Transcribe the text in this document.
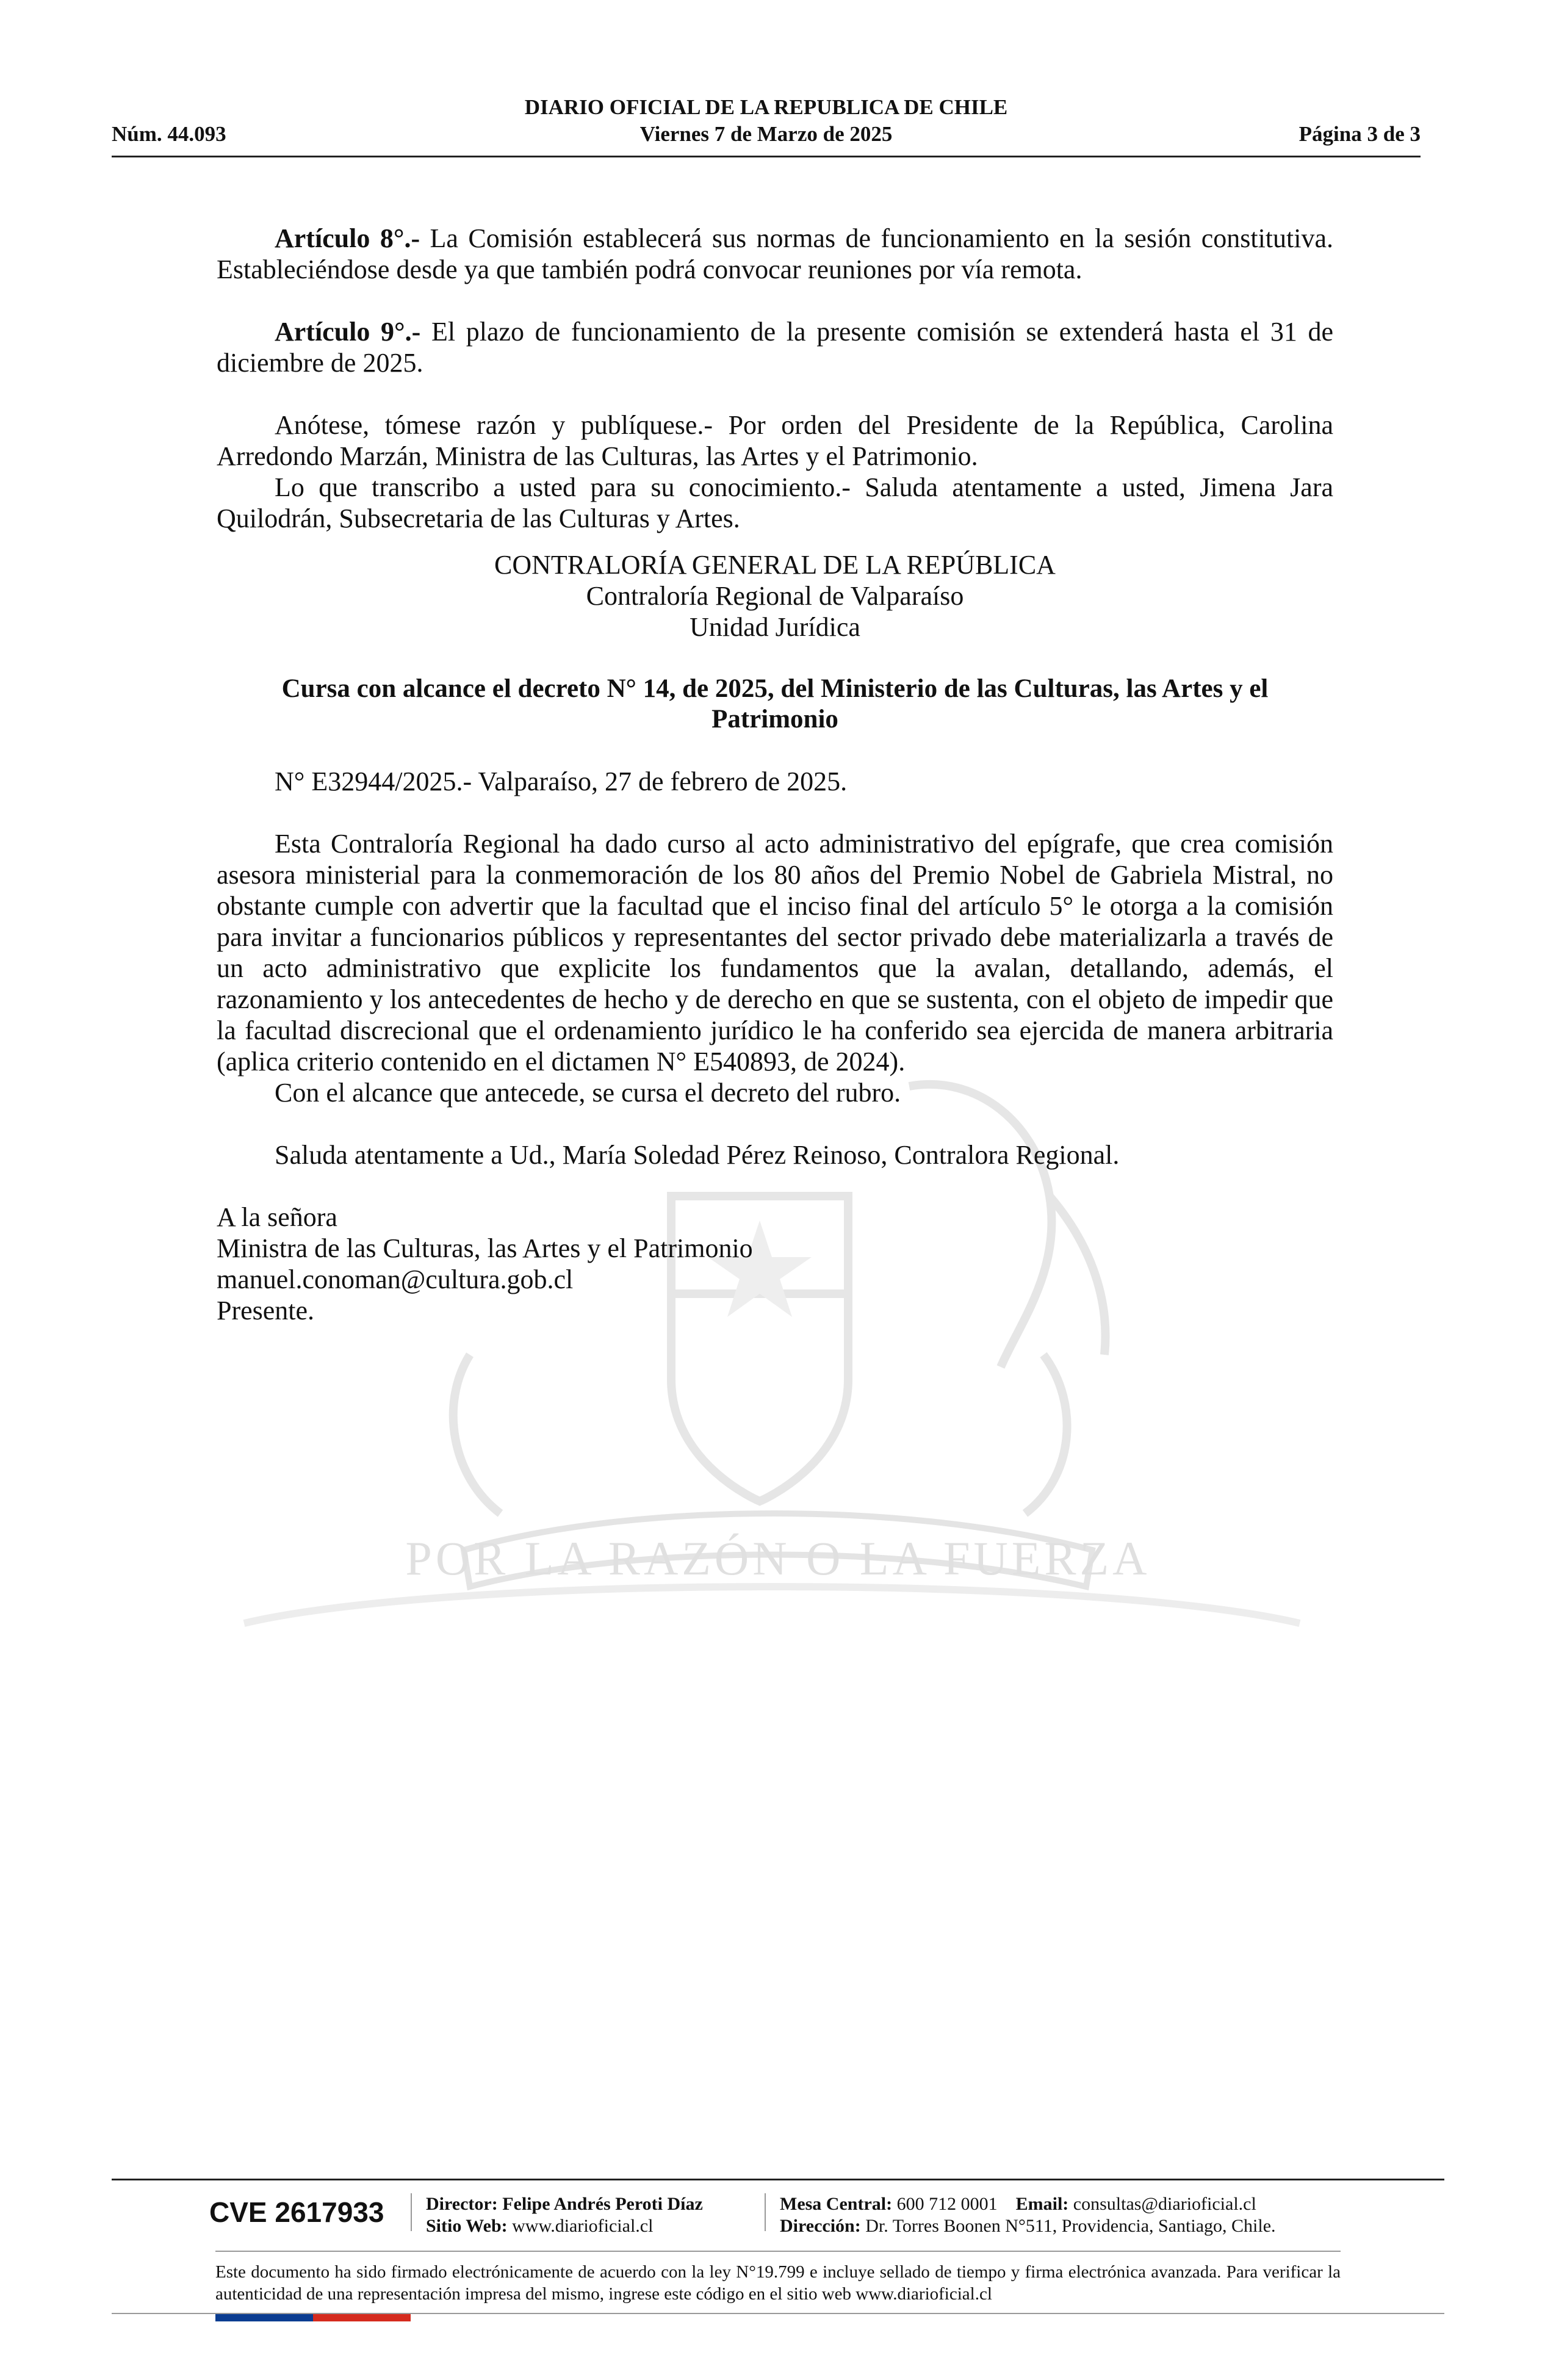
DIARIO OFICIAL DE LA REPUBLICA DE CHILE
Núm. 44.093	Viernes 7 de Marzo de 2025	Página 3 de 3
POR LA RAZÓN O LA FUERZA

Artículo 8°.- La Comisión establecerá sus normas de funcionamiento en la sesión constitutiva. Estableciéndose desde ya que también podrá convocar reuniones por vía remota.

Artículo 9°.- El plazo de funcionamiento de la presente comisión se extenderá hasta el 31 de diciembre de 2025.

Anótese, tómese razón y publíquese.- Por orden del Presidente de la República, Carolina Arredondo Marzán, Ministra de las Culturas, las Artes y el Patrimonio.

Lo que transcribo a usted para su conocimiento.- Saluda atentamente a usted, Jimena Jara Quilodrán, Subsecretaria de las Culturas y Artes.

CONTRALORÍA GENERAL DE LA REPÚBLICA

Contraloría Regional de Valparaíso

Unidad Jurídica

Cursa con alcance el decreto N° 14, de 2025, del Ministerio de las Culturas, las Artes y el Patrimonio

N° E32944/2025.- Valparaíso, 27 de febrero de 2025.

Esta Contraloría Regional ha dado curso al acto administrativo del epígrafe, que crea comisión asesora ministerial para la conmemoración de los 80 años del Premio Nobel de Gabriela Mistral, no obstante cumple con advertir que la facultad que el inciso final del artículo 5° le otorga a la comisión para invitar a funcionarios públicos y representantes del sector privado debe materializarla a través de un acto administrativo que explicite los fundamentos que la avalan, detallando, además, el razonamiento y los antecedentes de hecho y de derecho en que se sustenta, con el objeto de impedir que la facultad discrecional que el ordenamiento jurídico le ha conferido sea ejercida de manera arbitraria (aplica criterio contenido en el dictamen N° E540893, de 2024).

Con el alcance que antecede, se cursa el decreto del rubro.

Saluda atentamente a Ud., María Soledad Pérez Reinoso, Contralora Regional.

A la señora

Ministra de las Culturas, las Artes y el Patrimonio

manuel.conoman@cultura.gob.cl

Presente.

CVE 2617933 Director: Felipe Andrés Peroti Díaz
Sitio Web: www.diarioficial.cl
Mesa Central: 600 712 0001 Email: consultas@diarioficial.cl
Dirección: Dr. Torres Boonen N°511, Providencia, Santiago, Chile.
Este documento ha sido firmado electrónicamente de acuerdo con la ley N°19.799 e incluye sellado de tiempo y firma electrónica avanzada. Para verificar la autenticidad de una representación impresa del mismo, ingrese este código en el sitio web www.diarioficial.cl
